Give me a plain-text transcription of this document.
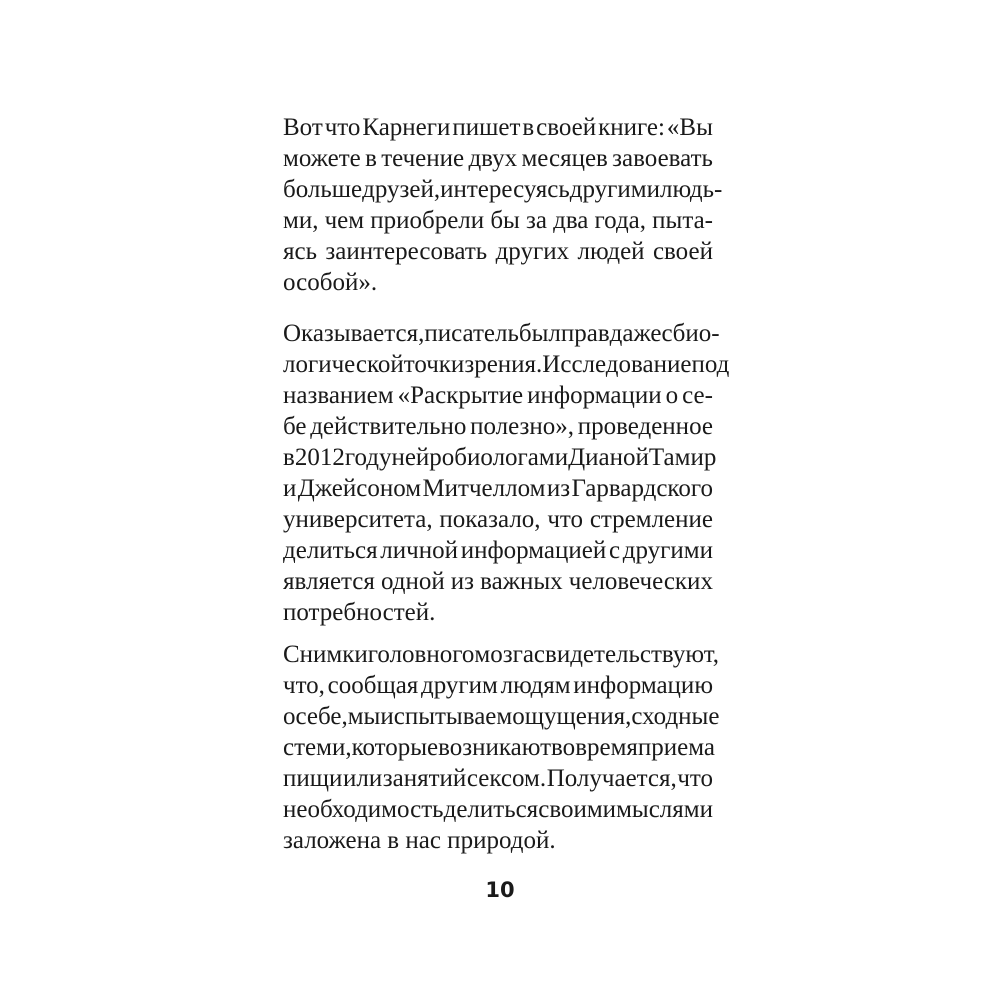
Вот что Карнеги пишет в своей книге: «Вы
можете в течение двух месяцев завоевать
больше друзей, интересуясь другими людь-
ми, чем приобрели бы за два года, пыта-
ясь заинтересовать других людей своей
особой».
Оказывается, писатель был прав даже с био-
логической точки зрения. Исследование под
названием «Раскрытие информации о се-
бе действительно полезно», проведенное
в 2012 году нейробиологами Дианой Тамир
и Джейсоном Митчеллом из Гарвардского
университета, показало, что стремление
делиться личной информацией с другими
является одной из важных человеческих
потребностей.
Снимки головного мозга свидетельствуют,
что, сообщая другим людям информацию
о себе, мы испытываем ощущения, сходные
с теми, которые возникают во время приема
пищи или занятий сексом. Получается, что
необходимость делиться своими мыслями
заложена в нас природой.
10
